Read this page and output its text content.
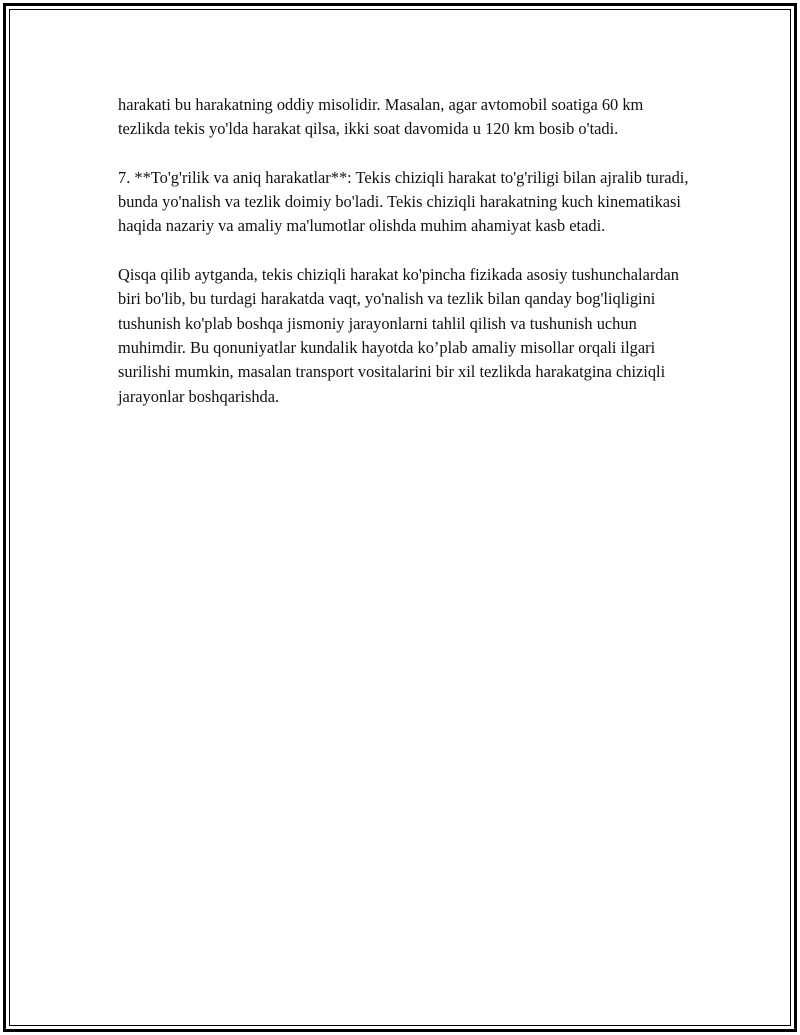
harakati bu harakatning oddiy misolidir. Masalan, agar avtomobil soatiga 60 km tezlikda tekis yo'lda harakat qilsa, ikki soat davomida u 120 km bosib o'tadi.

7. **To'g'rilik va aniq harakatlar**: Tekis chiziqli harakat to'g'riligi bilan ajralib turadi, bunda yo'nalish va tezlik doimiy bo'ladi. Tekis chiziqli harakatning kuch kinematikasi haqida nazariy va amaliy ma'lumotlar olishda muhim ahamiyat kasb etadi.

Qisqa qilib aytganda, tekis chiziqli harakat ko'pincha fizikada asosiy tushunchalardan biri bo'lib, bu turdagi harakatda vaqt, yo'nalish va tezlik bilan qanday bog'liqligini tushunish ko'plab boshqa jismoniy jarayonlarni tahlil qilish va tushunish uchun muhimdir. Bu qonuniyatlar kundalik hayotda ko’plab amaliy misollar orqali ilgari surilishi mumkin, masalan transport vositalarini bir xil tezlikda harakatgina chiziqli jarayonlar boshqarishda.
